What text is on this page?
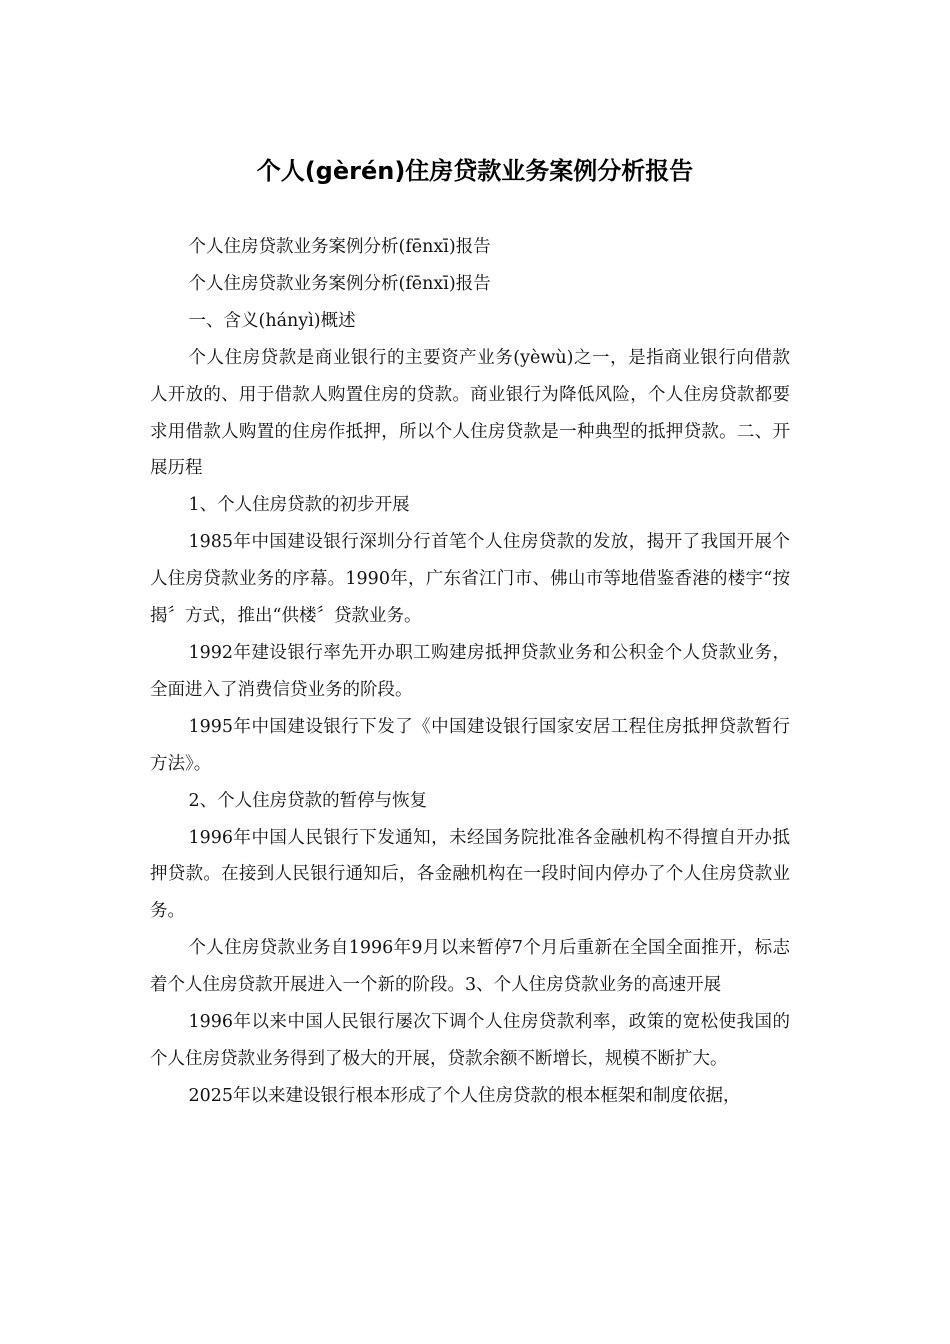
个人(gèrén)住房贷款业务案例分析报告

个人住房贷款业务案例分析(fēnxī)报告

个人住房贷款业务案例分析(fēnxī)报告

一、含义(hányì)概述

个人住房贷款是商业银行的主要资产业务(yèwù)之一，是指商业银行向借款人开放的、用于借款人购置住房的贷款。商业银行为降低风险，个人住房贷款都要求用借款人购置的住房作抵押，所以个人住房贷款是一种典型的抵押贷款。二、开展历程

1、个人住房贷款的初步开展

1985年中国建设银行深圳分行首笔个人住房贷款的发放，揭开了我国开展个人住房贷款业务的序幕。1990年，广东省江门市、佛山市等地借鉴香港的楼宇“按揭〞方式，推出“供楼〞贷款业务。

1992年建设银行率先开办职工购建房抵押贷款业务和公积金个人贷款业务，全面进入了消费信贷业务的阶段。

1995年中国建设银行下发了《中国建设银行国家安居工程住房抵押贷款暂行方法》。

2、个人住房贷款的暂停与恢复

1996年中国人民银行下发通知，未经国务院批准各金融机构不得擅自开办抵押贷款。在接到人民银行通知后，各金融机构在一段时间内停办了个人住房贷款业务。

个人住房贷款业务自1996年9月以来暂停7个月后重新在全国全面推开，标志着个人住房贷款开展进入一个新的阶段。3、个人住房贷款业务的高速开展

1996年以来中国人民银行屡次下调个人住房贷款利率，政策的宽松使我国的个人住房贷款业务得到了极大的开展，贷款余额不断增长，规模不断扩大。

2025年以来建设银行根本形成了个人住房贷款的根本框架和制度依据，
